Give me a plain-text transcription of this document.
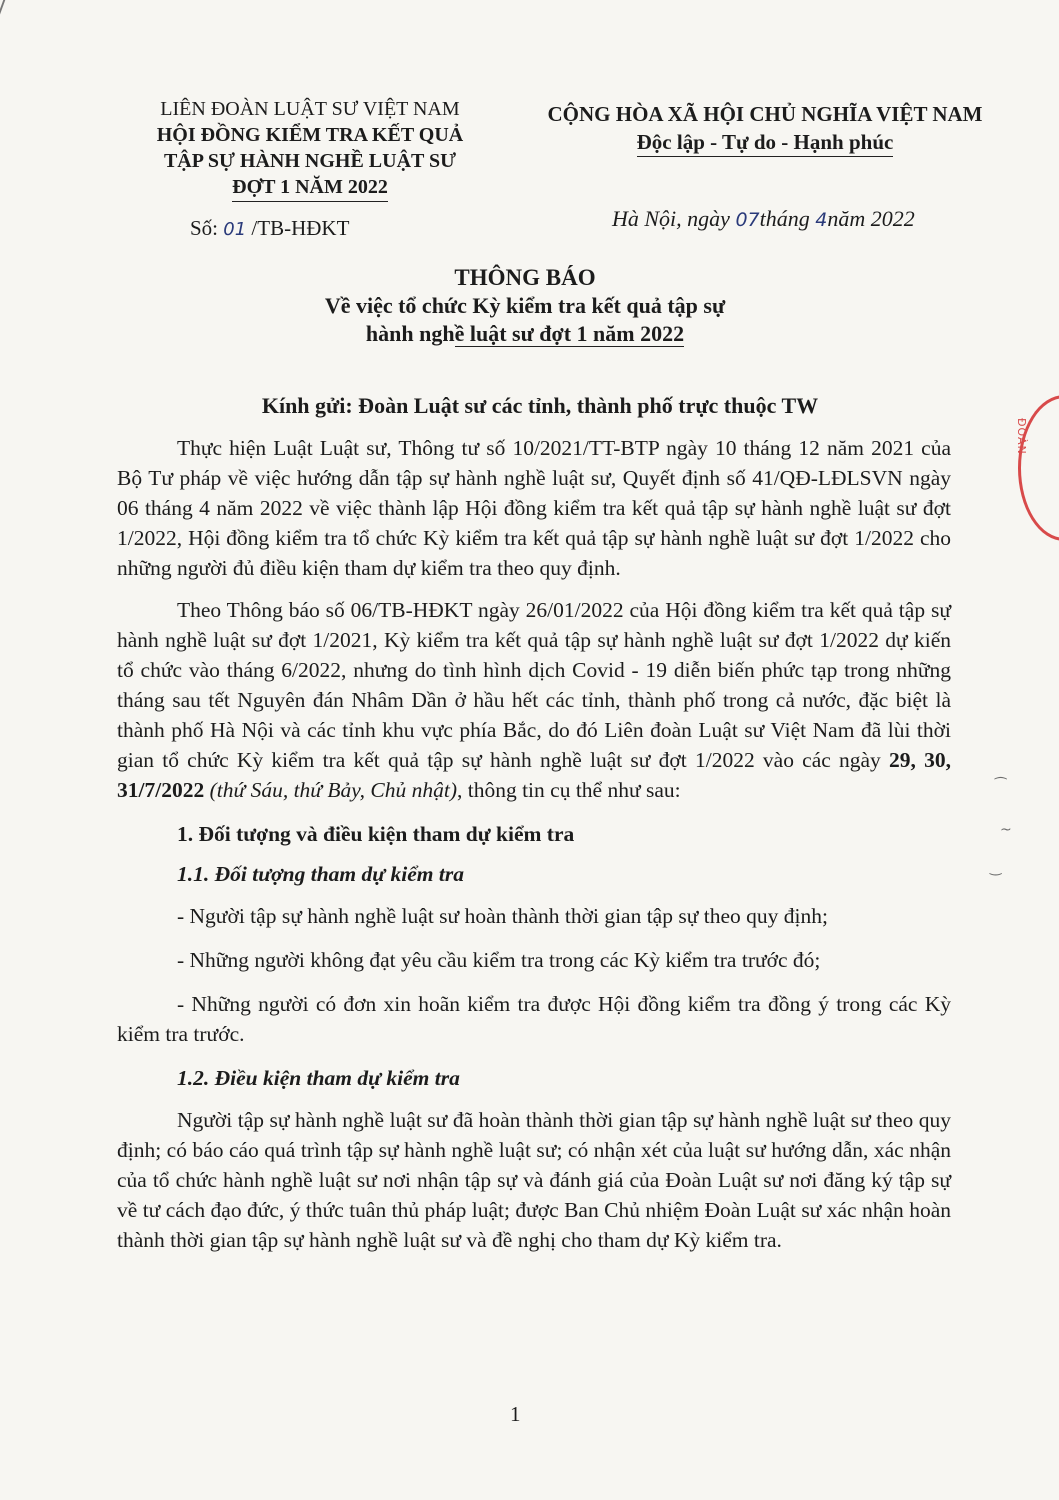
LIÊN ĐOÀN LUẬT SƯ VIỆT NAM
HỘI ĐỒNG KIỂM TRA KẾT QUẢ
TẬP SỰ HÀNH NGHỀ LUẬT SƯ
ĐỢT 1 NĂM 2022
CỘNG HÒA XÃ HỘI CHỦ NGHĨA VIỆT NAM
Độc lập - Tự do - Hạnh phúc
Số: 01 /TB-HĐKT	Hà Nội, ngày 07tháng 4năm 2022
THÔNG BÁO
Về việc tổ chức Kỳ kiểm tra kết quả tập sự
hành nghề luật sư đợt 1 năm 2022
Kính gửi: Đoàn Luật sư các tỉnh, thành phố trực thuộc TW

Thực hiện Luật Luật sư, Thông tư số 10/2021/TT-BTP ngày 10 tháng 12 năm 2021 của Bộ Tư pháp về việc hướng dẫn tập sự hành nghề luật sư, Quyết định số 41/QĐ-LĐLSVN ngày 06 tháng 4 năm 2022 về việc thành lập Hội đồng kiểm tra kết quả tập sự hành nghề luật sư đợt 1/2022, Hội đồng kiểm tra tổ chức Kỳ kiểm tra kết quả tập sự hành nghề luật sư đợt 1/2022 cho những người đủ điều kiện tham dự kiểm tra theo quy định.

Theo Thông báo số 06/TB-HĐKT ngày 26/01/2022 của Hội đồng kiểm tra kết quả tập sự hành nghề luật sư đợt 1/2021, Kỳ kiểm tra kết quả tập sự hành nghề luật sư đợt 1/2022 dự kiến tổ chức vào tháng 6/2022, nhưng do tình hình dịch Covid - 19 diễn biến phức tạp trong những tháng sau tết Nguyên đán Nhâm Dần ở hầu hết các tỉnh, thành phố trong cả nước, đặc biệt là thành phố Hà Nội và các tỉnh khu vực phía Bắc, do đó Liên đoàn Luật sư Việt Nam đã lùi thời gian tổ chức Kỳ kiểm tra kết quả tập sự hành nghề luật sư đợt 1/2022 vào các ngày 29, 30, 31/7/2022 (thứ Sáu, thứ Bảy, Chủ nhật), thông tin cụ thể như sau:

1. Đối tượng và điều kiện tham dự kiểm tra
1.1. Đối tượng tham dự kiểm tra
- Người tập sự hành nghề luật sư hoàn thành thời gian tập sự theo quy định;
- Những người không đạt yêu cầu kiểm tra trong các Kỳ kiểm tra trước đó;
- Những người có đơn xin hoãn kiểm tra được Hội đồng kiểm tra đồng ý trong các Kỳ kiểm tra trước.
1.2. Điều kiện tham dự kiểm tra

Người tập sự hành nghề luật sư đã hoàn thành thời gian tập sự hành nghề luật sư theo quy định; có báo cáo quá trình tập sự hành nghề luật sư; có nhận xét của luật sư hướng dẫn, xác nhận của tổ chức hành nghề luật sư nơi nhận tập sự và đánh giá của Đoàn Luật sư nơi đăng ký tập sự về tư cách đạo đức, ý thức tuân thủ pháp luật; được Ban Chủ nhiệm Đoàn Luật sư xác nhận hoàn thành thời gian tập sự hành nghề luật sư và đề nghị cho tham dự Kỳ kiểm tra.

1
ĐOÀN
⁀
~
‿
